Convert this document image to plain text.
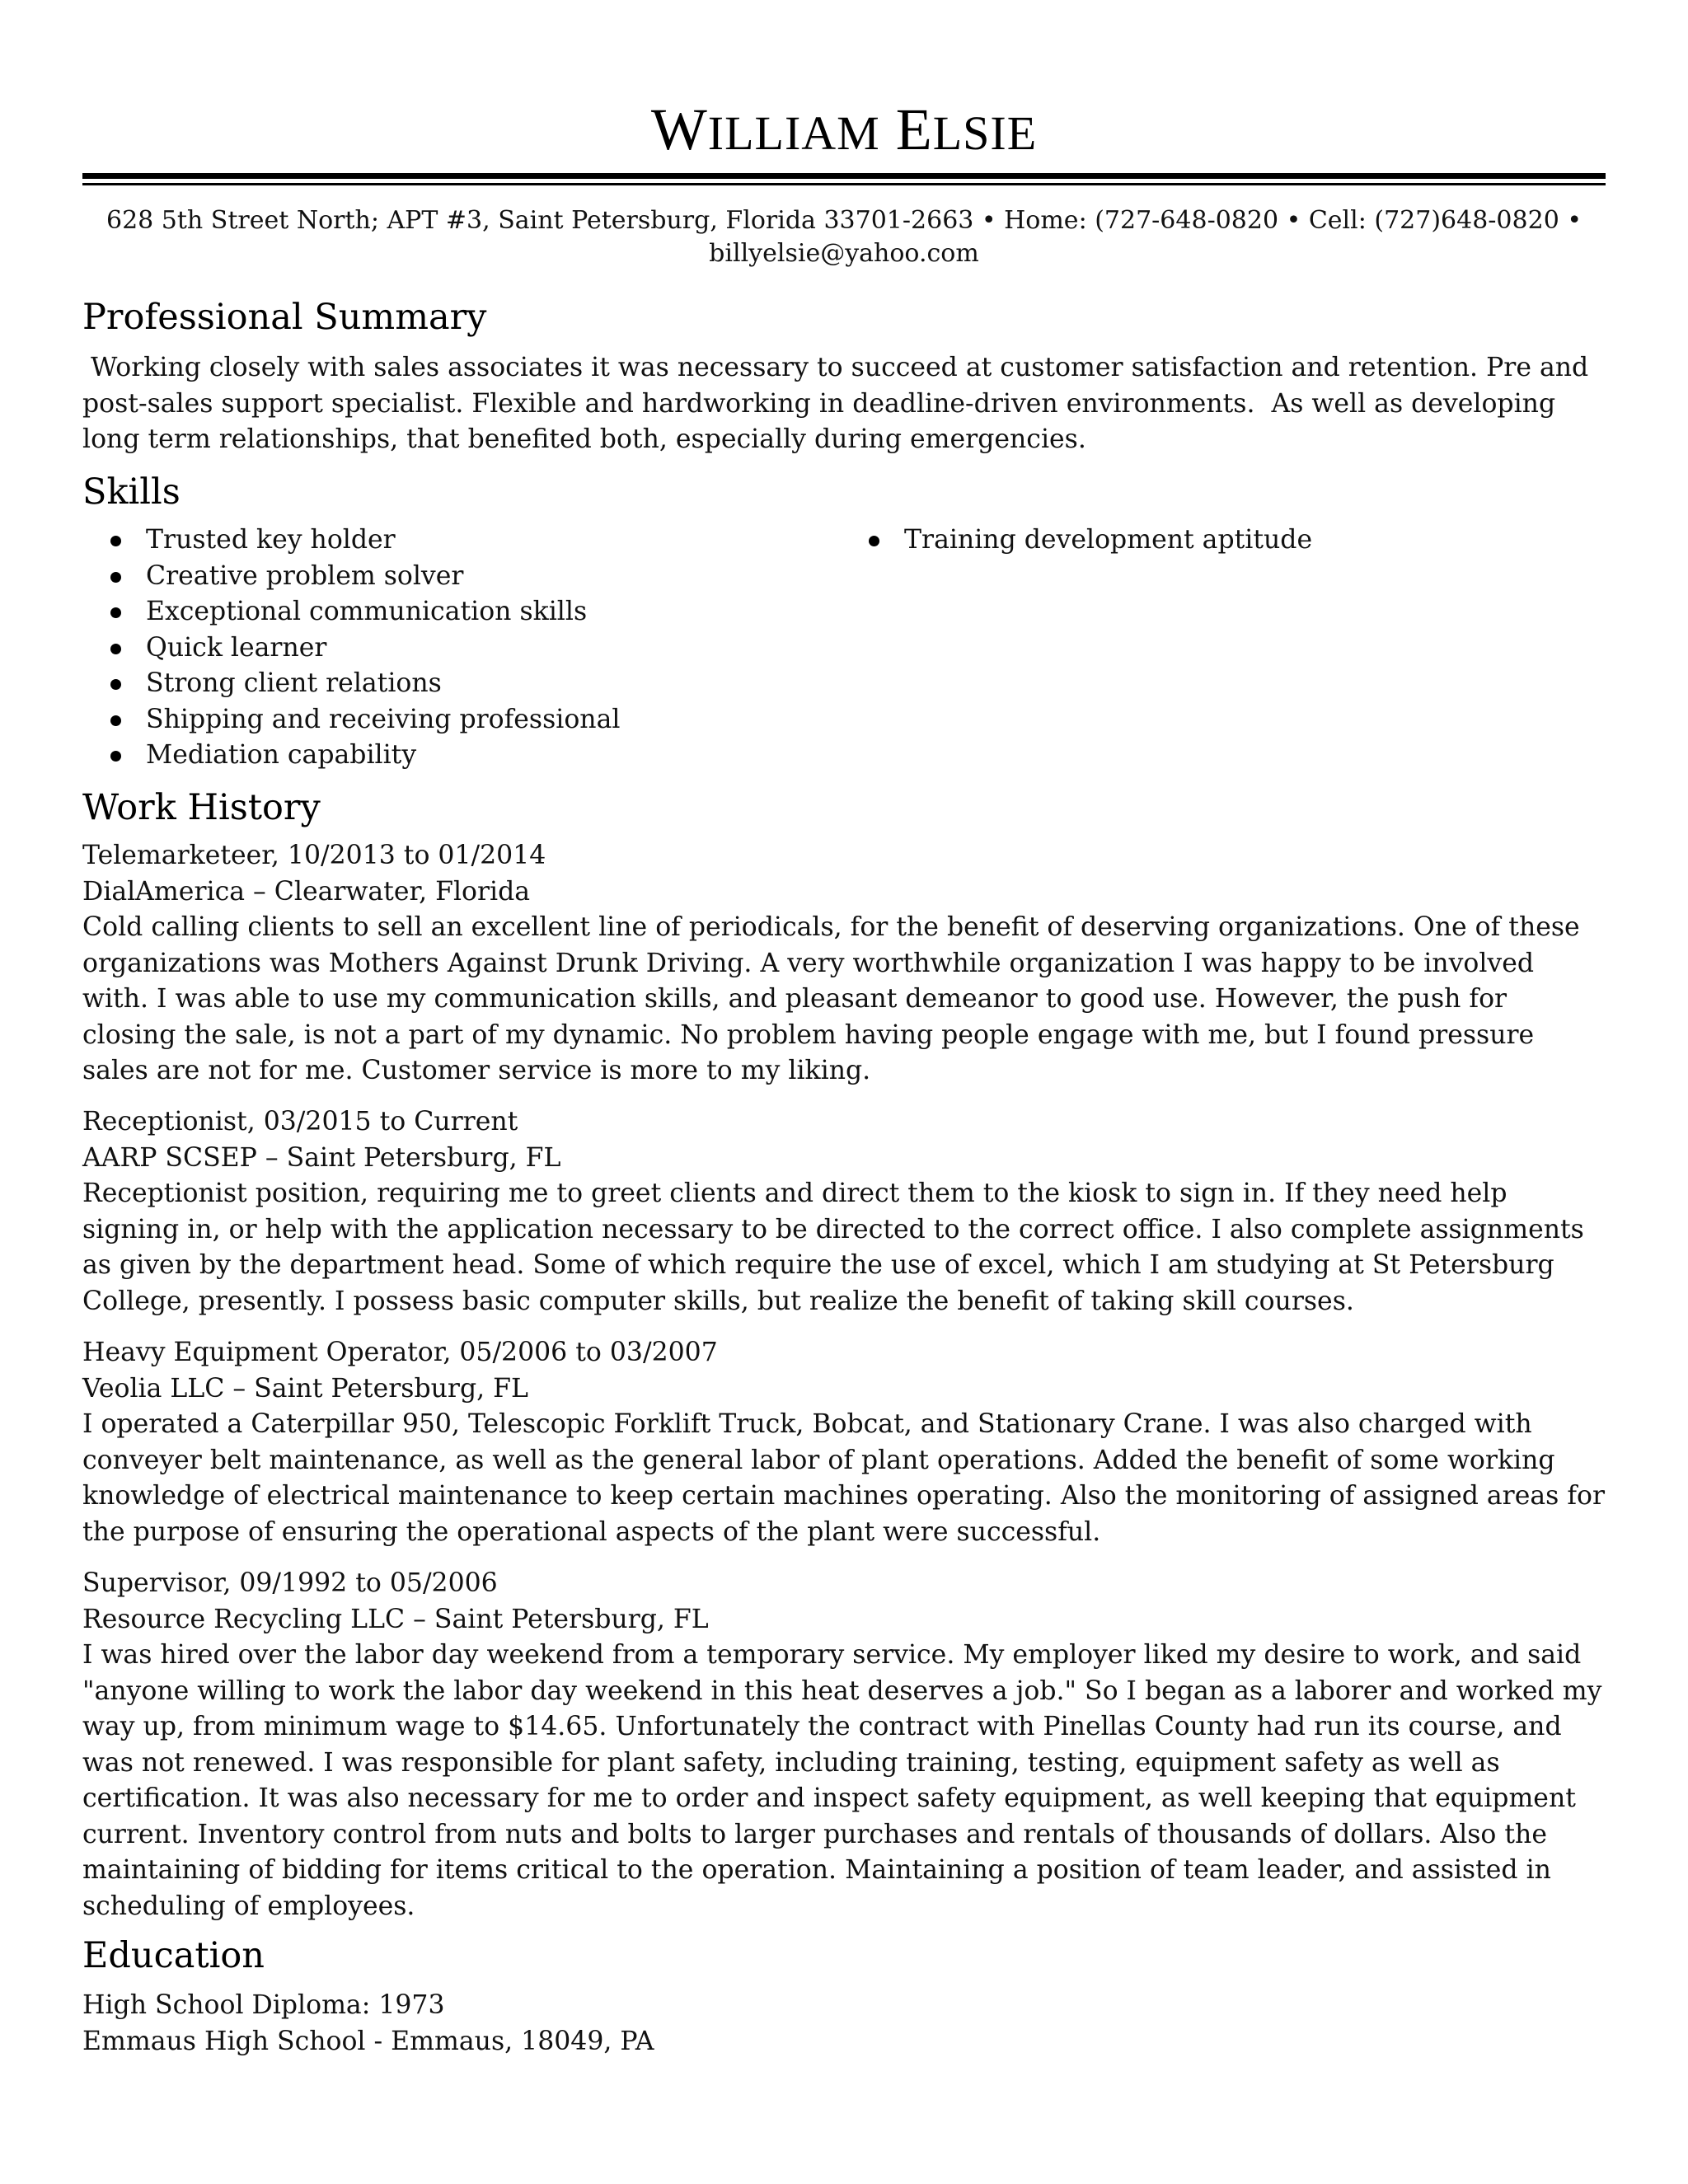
WILLIAM ELSIE
628 5th Street North; APT #3, Saint Petersburg, Florida 33701-2663 • Home: (727-648-0820 • Cell: (727)648-0820 •
billyelsie@yahoo.com
Professional Summary
Working closely with sales associates it was necessary to succeed at customer satisfaction and retention. Pre and post-sales support specialist. Flexible and hardworking in deadline-driven environments.  As well as developing long term relationships, that benefited both, especially during emergencies.
Skills
Trusted key holder
Creative problem solver
Exceptional communication skills
Quick learner
Strong client relations
Shipping and receiving professional
Mediation capability
Training development aptitude
Work History
Telemarketeer, 10/2013 to 01/2014
DialAmerica – Clearwater, Florida
Cold calling clients to sell an excellent line of periodicals, for the benefit of deserving organizations. One of these organizations was Mothers Against Drunk Driving. A very worthwhile organization I was happy to be involved with. I was able to use my communication skills, and pleasant demeanor to good use. However, the push for closing the sale, is not a part of my dynamic. No problem having people engage with me, but I found pressure sales are not for me. Customer service is more to my liking.
Receptionist, 03/2015 to Current
AARP SCSEP – Saint Petersburg, FL
Receptionist position, requiring me to greet clients and direct them to the kiosk to sign in. If they need help signing in, or help with the application necessary to be directed to the correct office. I also complete assignments as given by the department head. Some of which require the use of excel, which I am studying at St Petersburg College, presently. I possess basic computer skills, but realize the benefit of taking skill courses.
Heavy Equipment Operator, 05/2006 to 03/2007
Veolia LLC – Saint Petersburg, FL
I operated a Caterpillar 950, Telescopic Forklift Truck, Bobcat, and Stationary Crane. I was also charged with conveyer belt maintenance, as well as the general labor of plant operations. Added the benefit of some working knowledge of electrical maintenance to keep certain machines operating. Also the monitoring of assigned areas for the purpose of ensuring the operational aspects of the plant were successful.
Supervisor, 09/1992 to 05/2006
Resource Recycling LLC – Saint Petersburg, FL
I was hired over the labor day weekend from a temporary service. My employer liked my desire to work, and said "anyone willing to work the labor day weekend in this heat deserves a job." So I began as a laborer and worked my way up, from minimum wage to $14.65. Unfortunately the contract with Pinellas County had run its course, and was not renewed. I was responsible for plant safety, including training, testing, equipment safety as well as certification. It was also necessary for me to order and inspect safety equipment, as well keeping that equipment current. Inventory control from nuts and bolts to larger purchases and rentals of thousands of dollars. Also the maintaining of bidding for items critical to the operation. Maintaining a position of team leader, and assisted in scheduling of employees.
Education
High School Diploma: 1973
Emmaus High School - Emmaus, 18049, PA
